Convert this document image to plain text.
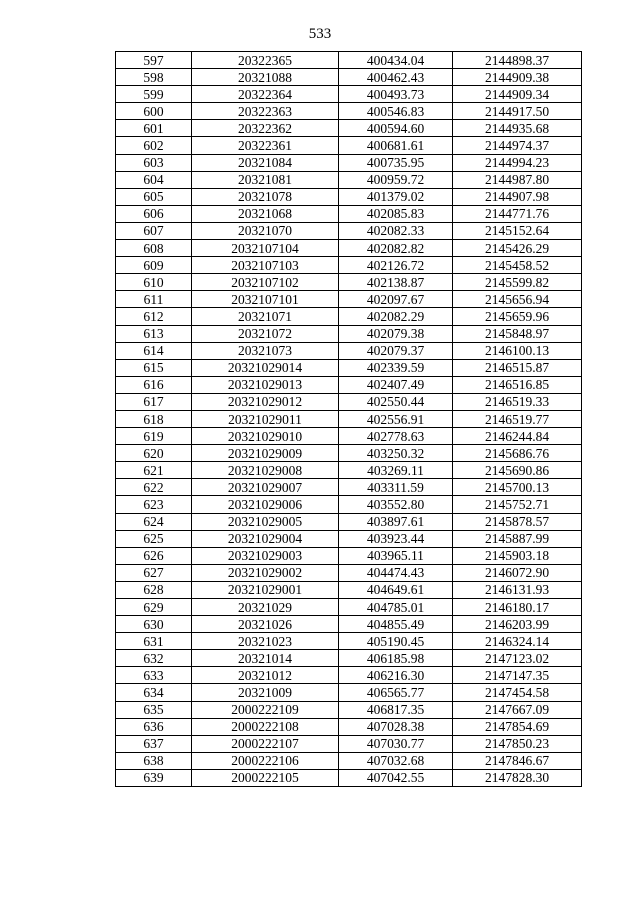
533
597	20322365	400434.04	2144898.37
598	20321088	400462.43	2144909.38
599	20322364	400493.73	2144909.34
600	20322363	400546.83	2144917.50
601	20322362	400594.60	2144935.68
602	20322361	400681.61	2144974.37
603	20321084	400735.95	2144994.23
604	20321081	400959.72	2144987.80
605	20321078	401379.02	2144907.98
606	20321068	402085.83	2144771.76
607	20321070	402082.33	2145152.64
608	2032107104	402082.82	2145426.29
609	2032107103	402126.72	2145458.52
610	2032107102	402138.87	2145599.82
611	2032107101	402097.67	2145656.94
612	20321071	402082.29	2145659.96
613	20321072	402079.38	2145848.97
614	20321073	402079.37	2146100.13
615	20321029014	402339.59	2146515.87
616	20321029013	402407.49	2146516.85
617	20321029012	402550.44	2146519.33
618	20321029011	402556.91	2146519.77
619	20321029010	402778.63	2146244.84
620	20321029009	403250.32	2145686.76
621	20321029008	403269.11	2145690.86
622	20321029007	403311.59	2145700.13
623	20321029006	403552.80	2145752.71
624	20321029005	403897.61	2145878.57
625	20321029004	403923.44	2145887.99
626	20321029003	403965.11	2145903.18
627	20321029002	404474.43	2146072.90
628	20321029001	404649.61	2146131.93
629	20321029	404785.01	2146180.17
630	20321026	404855.49	2146203.99
631	20321023	405190.45	2146324.14
632	20321014	406185.98	2147123.02
633	20321012	406216.30	2147147.35
634	20321009	406565.77	2147454.58
635	2000222109	406817.35	2147667.09
636	2000222108	407028.38	2147854.69
637	2000222107	407030.77	2147850.23
638	2000222106	407032.68	2147846.67
639	2000222105	407042.55	2147828.30
